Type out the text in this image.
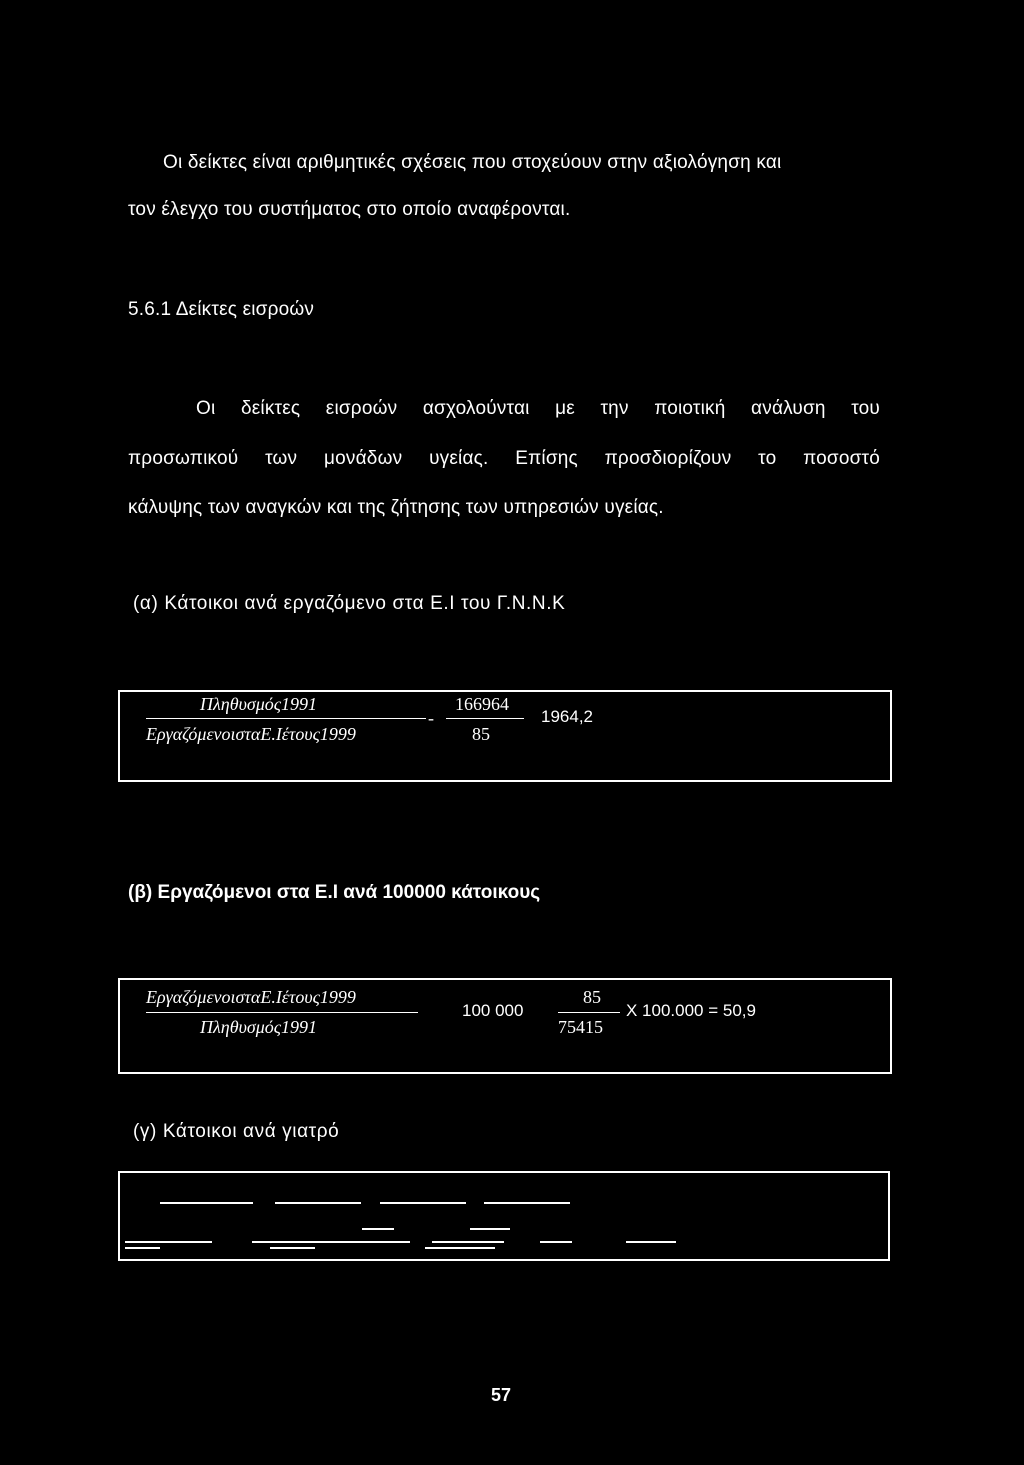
Οι δείκτες είναι αριθμητικές σχέσεις που στοχεύουν στην αξιολόγηση και
τον έλεγχο του συστήματος στο οποίο αναφέρονται.
5.6.1 Δείκτες εισροών
Οι δείκτες εισροών ασχολούνται με την ποιοτική ανάλυση του
προσωπικού των μονάδων υγείας. Επίσης προσδιορίζουν το ποσοστό
κάλυψης των αναγκών και της ζήτησης των υπηρεσιών υγείας.
(α) Κάτοικοι ανά εργαζόμενο στα Ε.Ι του Γ.Ν.Ν.Κ
Πληθυσμός1991
ΕργαζόμενοισταΕ.Ιέτους1999
-
166964
85
1964,2
(β) Εργαζόμενοι στα Ε.Ι ανά 100000 κάτοικους
ΕργαζόμενοισταΕ.Ιέτους1999
Πληθυσμός1991
100 000
85
75415
Χ 100.000 = 50,9
(γ) Κάτοικοι ανά γιατρό
57
